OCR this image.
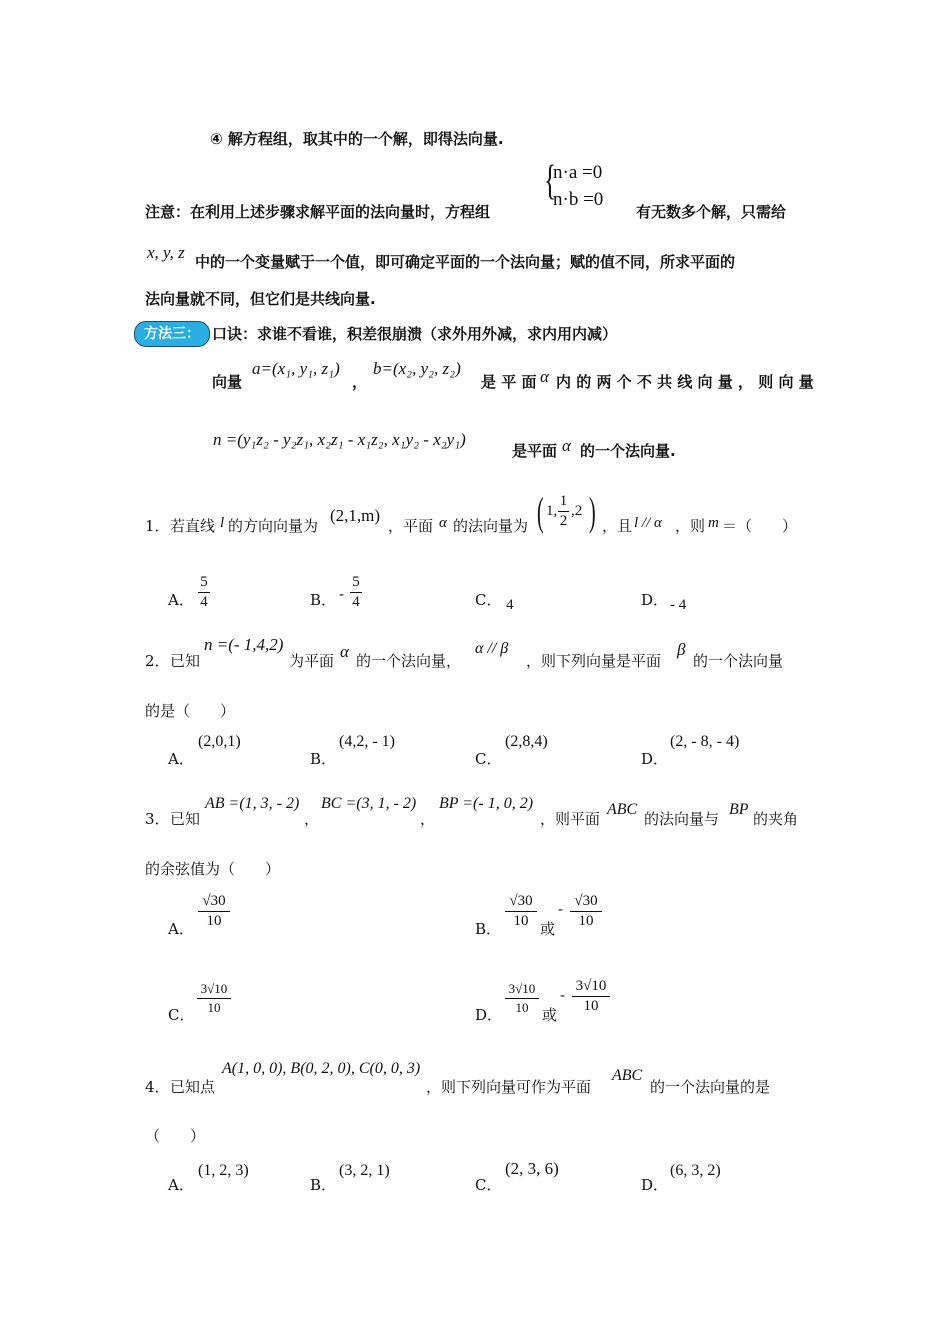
④ 解方程组，取其中的一个解，即得法向量.
注意：在利用上述步骤求解平面的法向量时，方程组
{
n·a =0
n·b =0
有无数多个解，只需给
x, y, z 中的一个变量赋于一个值，即可确定平面的一个法向量；赋的值不同，所求平面的
法向量就不同，但它们是共线向量.
方法三： 口诀：求谁不看谁，积差很崩溃（求外用外减，求内用内减）
向量
a=(x₁, y₁, z₁)
，
b=(x₂, y₂, z₂)
是 平 面 α 内 的 两 个 不 共 线 向 量 ， 则 向 量
n =(y₁z₂ - y₂z₁, x₂z₁ - x₁z₂, x₁y₂ - x₂y₁)
是平面 α 的一个法向量.
1． 若直线 l 的方向向量为
(2,1,m)
，平面 α 的法向量为 ( 1,
1
2
,2 ) ，且 l // α ，则 m ＝（　　）
A．
5
4	B． -
5
4	C． 4	D． - 4
2． 已知
n =(- 1,4,2)
为平面 α 的一个法向量，
α // β
，则下列向量是平面
β
的一个法向量
的是（　　）
A．
(2,0,1)
B．
(4,2, - 1)
C．
(2,8,4)
D．
(2, - 8, - 4)
3． 已知
AB =(1, 3, - 2)
，
BC =(3, 1, - 2)
，
BP =(- 1, 0, 2)
，则平面
ABC
的法向量与
BP
的夹角
的余弦值为（　　）
A．
√30
10	B．
√30
10 或
- √30
10
C．
3√10
10	D．
3√10
10 或
- 3√10
10
4． 已知点
A(1, 0, 0), B(0, 2, 0), C(0, 0, 3)
，则下列向量可作为平面
ABC
的一个法向量的是
（　　）
A．
(1, 2, 3)
B．
(3, 2, 1)
C．
(2, 3, 6)
D．
(6, 3, 2)
